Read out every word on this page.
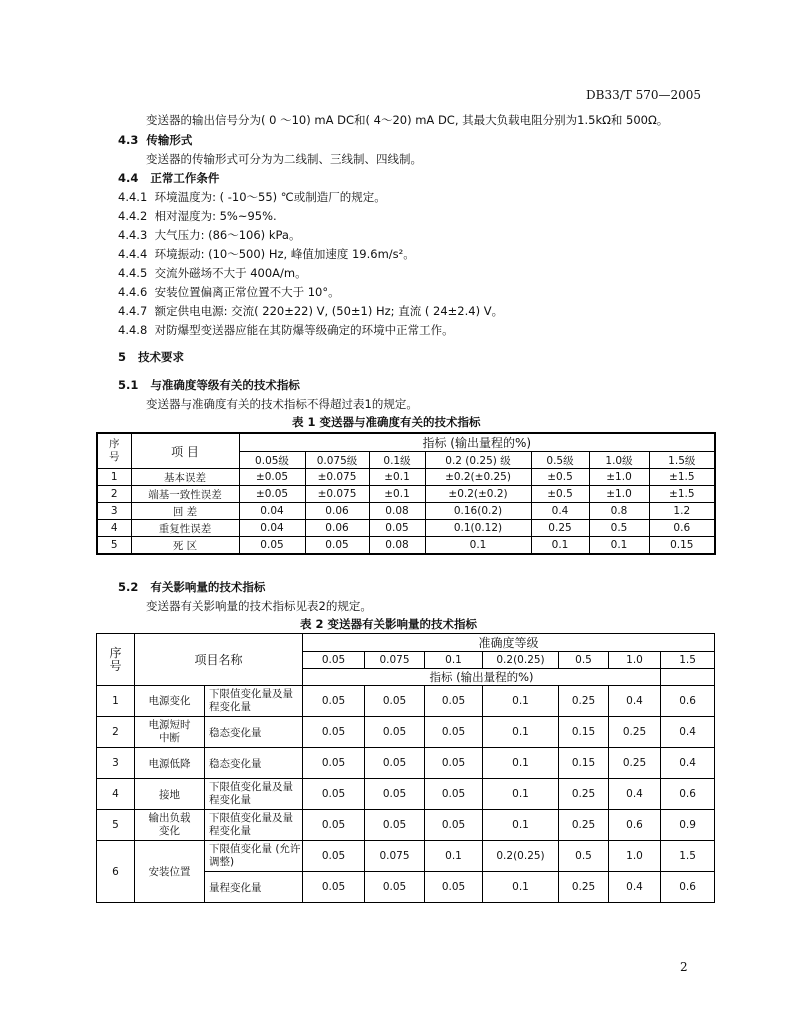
DB33/T 570—2005
变送器的输出信号分为( 0 ～10) mA DC和( 4～20) mA DC, 其最大负载电阻分别为1.5kΩ和 500Ω。
4.3 传输形式
变送器的传输形式可分为为二线制、三线制、四线制。
4.4 正常工作条件
4.4.1 环境温度为: ( -10～55) ℃或制造厂的规定。
4.4.2 相对湿度为: 5%~95%.
4.4.3 大气压力: (86～106) kPa。
4.4.4 环境振动: (10～500) Hz, 峰值加速度 19.6m/s²。
4.4.5 交流外磁场不大于 400A/m。
4.4.6 安装位置偏离正常位置不大于 10°。
4.4.7 额定供电电源: 交流( 220±22) V, (50±1) Hz; 直流 ( 24±2.4) V。
4.4.8 对防爆型变送器应能在其防爆等级确定的环境中正常工作。
5 技术要求
5.1 与准确度等级有关的技术指标
变送器与准确度有关的技术指标不得超过表1的规定。
表 1 变送器与准确度有关的技术指标
序号	项 目	指标 (输出量程的%)						
		0.05级	0.075级	0.1级	0.2 (0.25) 级	0.5级	1.0级	1.5级
1	基本误差	±0.05	±0.075	±0.1	±0.2(±0.25)	±0.5	±1.0	±1.5
2	端基一致性误差	±0.05	±0.075	±0.1	±0.2(±0.2)	±0.5	±1.0	±1.5
3	回 差	0.04	0.06	0.08	0.16(0.2)	0.4	0.8	1.2
4	重复性误差	0.04	0.06	0.05	0.1(0.12)	0.25	0.5	0.6
5	死 区	0.05	0.05	0.08	0.1	0.1	0.1	0.15
5.2 有关影响量的技术指标
变送器有关影响量的技术指标见表2的规定。
表 2 变送器有关影响量的技术指标
序号	项目名称		准确度等级						
			0.05	0.075	0.1	0.2(0.25)	0.5	1.0	1.5
			指标 (输出量程的%)						
1	电源变化	下限值变化量及量程变化量	0.05	0.05	0.05	0.1	0.25	0.4	0.6
2	电源短时中断	稳态变化量	0.05	0.05	0.05	0.1	0.15	0.25	0.4
3	电源低降	稳态变化量	0.05	0.05	0.05	0.1	0.15	0.25	0.4
4	接地	下限值变化量及量程变化量	0.05	0.05	0.05	0.1	0.25	0.4	0.6
5	输出负载变化	下限值变化量及量程变化量	0.05	0.05	0.05	0.1	0.25	0.6	0.9
6	安装位置	下限值变化量 (允许调整)	0.05	0.075	0.1	0.2(0.25)	0.5	1.0	1.5
		量程变化量	0.05	0.05	0.05	0.1	0.25	0.4	0.6
2
